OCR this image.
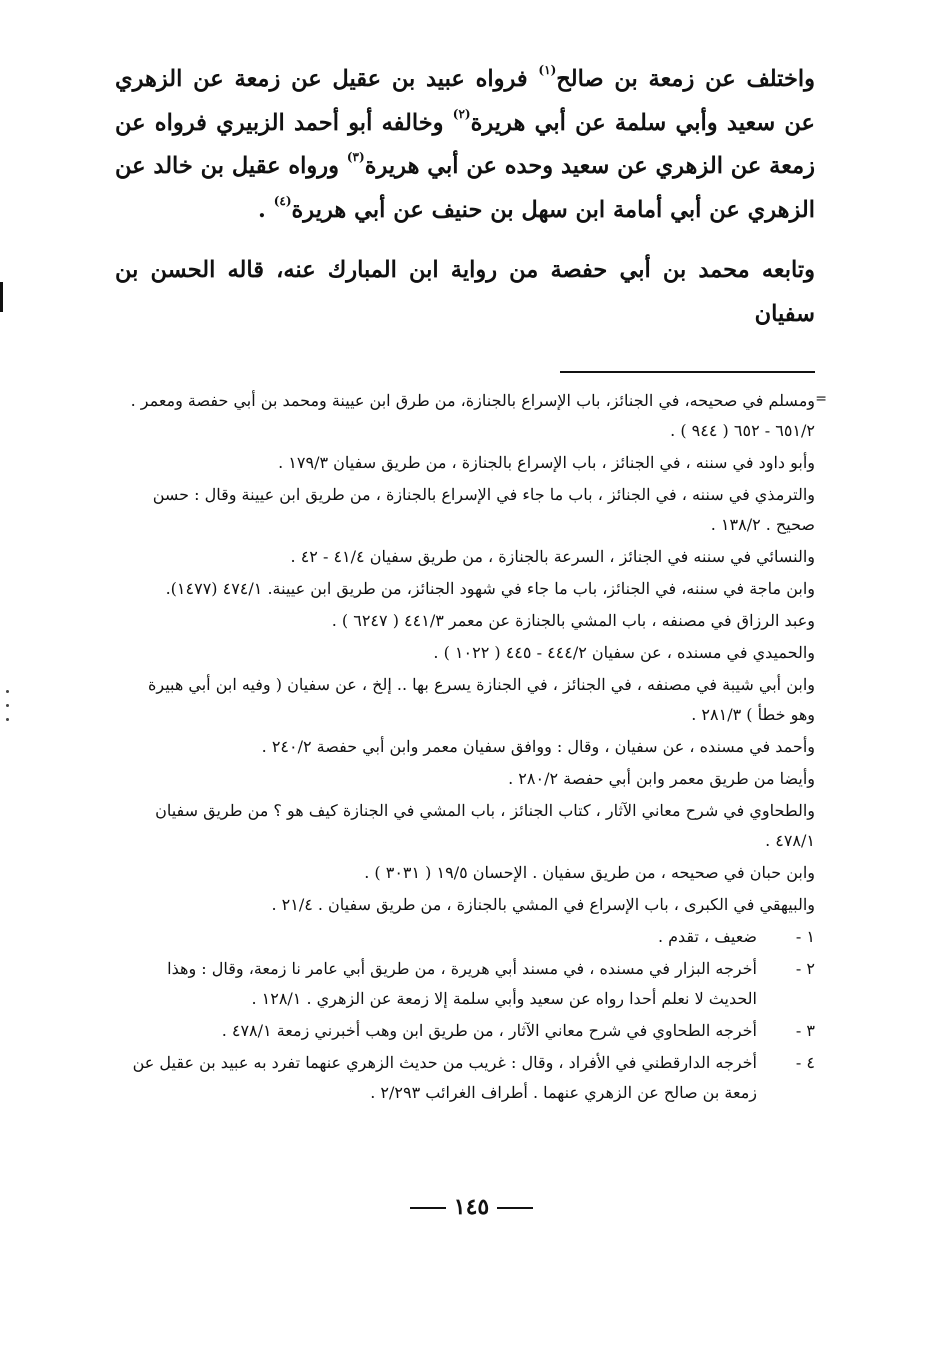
واختلف عن زمعة بن صالح$^{(١)}$ فرواه عبيد بن عقيل عن زمعة عن الزهري عن سعيد وأبي سلمة عن أبي هريرة$^{(٢)}$ وخالفه أبو أحمد الزبيري فرواه عن زمعة عن الزهري عن سعيد وحده عن أبي هريرة$^{(٣)}$ ورواه عقيل بن خالد عن الزهري عن أبي أمامة ابن سهل بن حنيف عن أبي هريرة$^{(٤)}$ .

وتابعه محمد بن أبي حفصة من رواية ابن المبارك عنه، قاله الحسن بن سفيان

=
ومسلم في صحيحه، في الجنائز، باب الإسراع بالجنازة، من طرق ابن عيينة ومحمد بن أبي حفصة ومعمر . ٦٥١/٢ - ٦٥٢ ( ٩٤٤ ) .
وأبو داود في سننه ، في الجنائز ، باب الإسراع بالجنازة ، من طريق سفيان ١٧٩/٣ .
والترمذي في سننه ، في الجنائز ، باب ما جاء في الإسراع بالجنازة ، من طريق ابن عيينة وقال : حسن صحيح . ١٣٨/٢ .
والنسائي في سننه في الجنائز ، السرعة بالجنازة ، من طريق سفيان ٤١/٤ - ٤٢ .
وابن ماجة في سننه، في الجنائز، باب ما جاء في شهود الجنائز، من طريق ابن عيينة. ٤٧٤/١ (١٤٧٧).
وعبد الرزاق في مصنفه ، باب المشي بالجنازة عن معمر ٤٤١/٣ ( ٦٢٤٧ ) .
والحميدي في مسنده ، عن سفيان ٤٤٤/٢ - ٤٤٥ ( ١٠٢٢ ) .
وابن أبي شيبة في مصنفه ، في الجنائز ، في الجنازة يسرع بها .. إلخ ، عن سفيان ( وفيه ابن أبي هبيرة وهو خطأ ) ٢٨١/٣ .
وأحمد في مسنده ، عن سفيان ، وقال : ووافق سفيان معمر وابن أبي حفصة ٢٤٠/٢ .
وأيضا من طريق معمر وابن أبي حفصة ٢٨٠/٢ .
والطحاوي في شرح معاني الآثار ، كتاب الجنائز ، باب المشي في الجنازة كيف هو ؟ من طريق سفيان ٤٧٨/١ .
وابن حبان في صحيحه ، من طريق سفيان . الإحسان ١٩/٥ ( ٣٠٣١ ) .
والبيهقي في الكبرى ، باب الإسراع في المشي بالجنازة ، من طريق سفيان . ٢١/٤ .
١ -
ضعيف ، تقدم .
٢ -
أخرجه البزار في مسنده ، في مسند أبي هريرة ، من طريق أبي عامر نا زمعة، وقال : وهذا الحديث لا نعلم أحدا رواه عن سعيد وأبي سلمة إلا زمعة عن الزهري . ١٢٨/١ .
٣ -
أخرجه الطحاوي في شرح معاني الآثار ، من طريق ابن وهب أخبرني زمعة ٤٧٨/١ .
٤ -
أخرجه الدارقطني في الأفراد ، وقال : غريب من حديث الزهري عنهما تفرد به عبيد بن عقيل عن زمعة بن صالح عن الزهري عنهما . أطراف الغرائب ٢/٢٩٣ .
١٤٥
